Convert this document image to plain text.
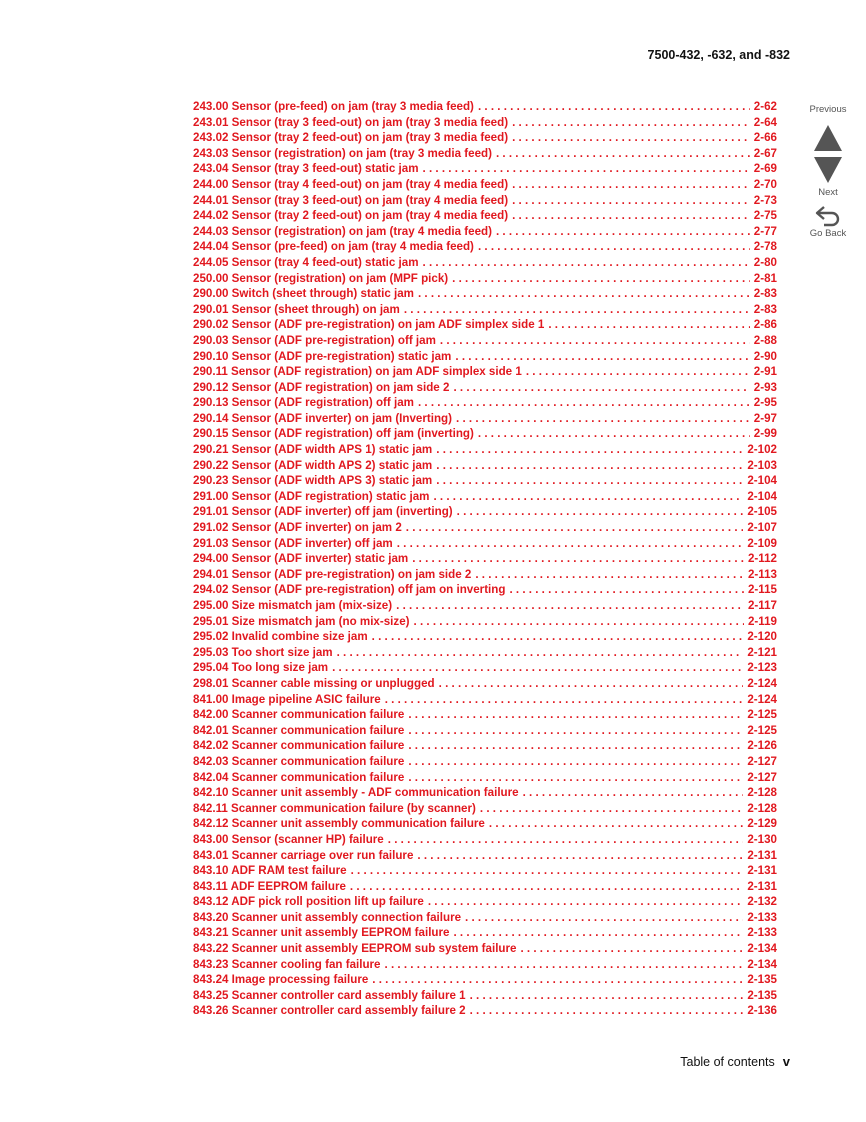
7500-432, -632, and -832
243.00 Sensor (pre-feed) on jam (tray 3 media feed) . . .	2-62
243.01 Sensor (tray 3 feed-out) on jam (tray 3 media feed) . . .	2-64
243.02 Sensor (tray 2 feed-out) on jam (tray 3 media feed) . . .	2-66
243.03 Sensor (registration) on jam (tray 3 media feed) . . .	2-67
243.04 Sensor (tray 3 feed-out) static jam . . .	2-69
244.00 Sensor (tray 4 feed-out) on jam (tray 4 media feed) . . .	2-70
244.01 Sensor (tray 3 feed-out) on jam (tray 4 media feed) . . .	2-73
244.02 Sensor (tray 2 feed-out) on jam (tray 4 media feed) . . .	2-75
244.03 Sensor (registration) on jam (tray 4 media feed) . . .	2-77
244.04 Sensor (pre-feed) on jam (tray 4 media feed) . . .	2-78
244.05 Sensor (tray 4 feed-out) static jam . . .	2-80
250.00 Sensor (registration) on jam (MPF pick) . . .	2-81
290.00 Switch (sheet through) static jam . . .	2-83
290.01 Sensor (sheet through) on jam . . .	2-83
290.02 Sensor (ADF pre-registration) on jam ADF simplex side 1 . . .	2-86
290.03 Sensor (ADF pre-registration) off jam . . .	2-88
290.10 Sensor (ADF pre-registration) static jam . . .	2-90
290.11 Sensor (ADF registration) on jam ADF simplex side 1 . . .	2-91
290.12 Sensor (ADF registration) on jam side 2 . . .	2-93
290.13 Sensor (ADF registration) off jam . . .	2-95
290.14 Sensor (ADF inverter) on jam (Inverting) . . .	2-97
290.15 Sensor (ADF registration) off jam (inverting) . . .	2-99
290.21 Sensor (ADF width APS 1) static jam . . .	2-102
290.22 Sensor (ADF width APS 2) static jam . . .	2-103
290.23 Sensor (ADF width APS 3) static jam . . .	2-104
291.00 Sensor (ADF registration) static jam . . .	2-104
291.01 Sensor (ADF inverter) off jam (inverting) . . .	2-105
291.02 Sensor (ADF inverter) on jam 2 . . .	2-107
291.03 Sensor (ADF inverter) off jam . . .	2-109
294.00 Sensor (ADF inverter) static jam . . .	2-112
294.01 Sensor (ADF pre-registration) on jam side 2 . . .	2-113
294.02 Sensor (ADF pre-registration) off jam on inverting . . .	2-115
295.00 Size mismatch jam (mix-size) . . .	2-117
295.01 Size mismatch jam (no mix-size) . . .	2-119
295.02 Invalid combine size jam . . .	2-120
295.03 Too short size jam . . .	2-121
295.04 Too long size jam . . .	2-123
298.01 Scanner cable missing or unplugged . . .	2-124
841.00 Image pipeline ASIC failure . . .	2-124
842.00 Scanner communication failure . . .	2-125
842.01 Scanner communication failure . . .	2-125
842.02 Scanner communication failure . . .	2-126
842.03 Scanner communication failure . . .	2-127
842.04 Scanner communication failure . . .	2-127
842.10 Scanner unit assembly - ADF communication failure . . .	2-128
842.11 Scanner communication failure (by scanner) . . .	2-128
842.12 Scanner unit assembly communication failure . . .	2-129
843.00 Sensor (scanner HP) failure . . .	2-130
843.01 Scanner carriage over run failure . . .	2-131
843.10 ADF RAM test failure . . .	2-131
843.11 ADF EEPROM failure . . .	2-131
843.12 ADF pick roll position lift up failure . . .	2-132
843.20 Scanner unit assembly connection failure . . .	2-133
843.21 Scanner unit assembly EEPROM failure . . .	2-133
843.22 Scanner unit assembly EEPROM sub system failure . . .	2-134
843.23 Scanner cooling fan failure . . .	2-134
843.24 Image processing failure . . .	2-135
843.25 Scanner controller card assembly failure 1 . . .	2-135
843.26 Scanner controller card assembly failure 2 . . .	2-136
Previous
Next
Go Back
Table of contents v
